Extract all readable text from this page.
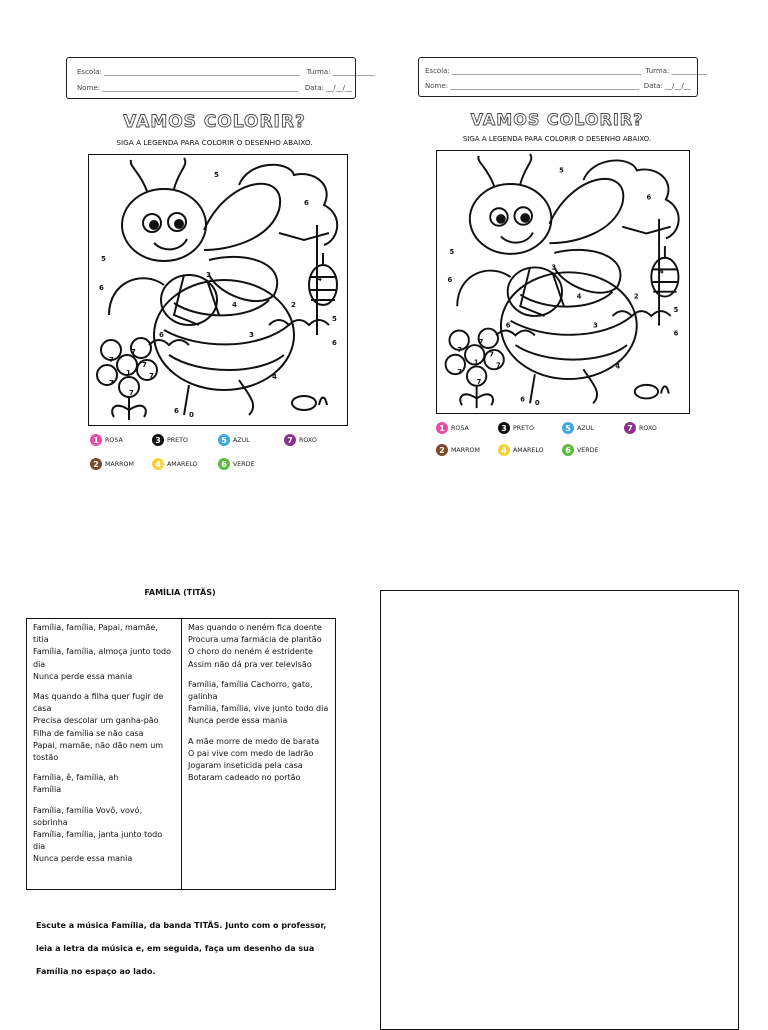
Escola: ________________________________________________________   Turma: ____________
Nome: ________________________________________________________   Data: __/__/__
VAMOS COLORIR?
SIGA A LEGENDA PARA COLORIR O DESENHO ABAIXO.
5
6
5
3
4
6
2
5
6
6
3
4
7
7
7
1	7
7
7
6 0
4
1 ROSA	3 PRETO	5 AZUL	7 ROXO
2 MARROM	4 AMARELO	6 VERDE
Escola: ______________________________________________________  Turma: __________
Nome: ______________________________________________________  Data: __/__/__
VAMOS COLORIR?
SIGA A LEGENDA PARA COLORIR O DESENHO ABAIXO.
5
6
5
3
4
6
2
5
6
6
3
4
7
7
7
1	7
7
7
6 0
4
1 ROSA	3 PRETO	5 AZUL	7 ROXO
2 MARROM	4 AMARELO	6 VERDE
FAMÍLIA (TITÃS)
Família, família, Papai, mamãe, titia
Família, família, almoça junto todo dia
Nunca perde essa mania
Mas quando a filha quer fugir de casa
Precisa descolar um ganha-pão
Filha de família se não casa
Papai, mamãe, não dão nem um tostão
Família, ê, família, ah
Família
Família, família Vovô, vovó, sobrinha
Família, família, janta junto todo dia
Nunca perde essa mania
Mas quando o neném fica doente
Procura uma farmácia de plantão
O choro do neném é estridente
Assim não dá pra ver televisão
Família, família Cachorro, gato, galinha
Família, família, vive junto todo dia
Nunca perde essa mania
A mãe morre de medo de barata
O pai vive com medo de ladrão
Jogaram inseticida pela casa
Botaram cadeado no portão
Escute a música Família, da banda TITÃS. Junto com o professor,
leia a letra da música e, em seguida, faça um desenho da sua
Família no espaço ao lado.
